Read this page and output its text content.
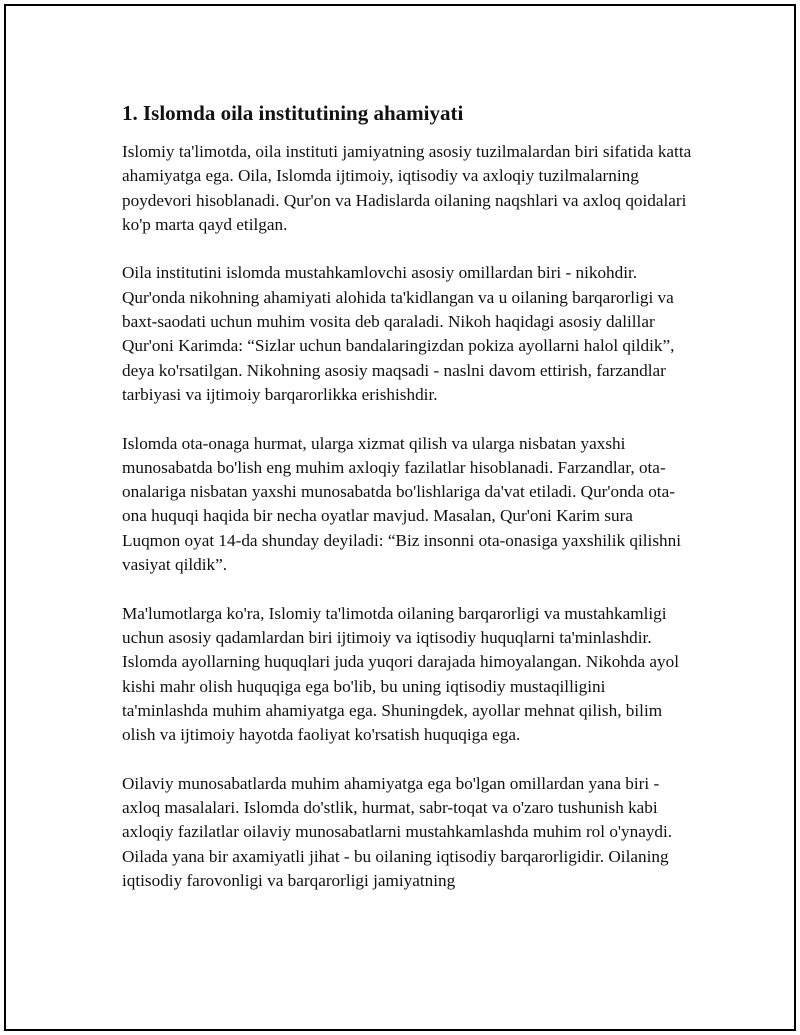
1. Islomda oila institutining ahamiyati

Islomiy ta'limotda, oila instituti jamiyatning asosiy tuzilmalardan biri sifatida katta ahamiyatga ega. Oila, Islomda ijtimoiy, iqtisodiy va axloqiy tuzilmalarning poydevori hisoblanadi. Qur'on va Hadislarda oilaning naqshlari va axloq qoidalari ko'p marta qayd etilgan.

Oila institutini islomda mustahkamlovchi asosiy omillardan biri - nikohdir. Qur'onda nikohning ahamiyati alohida ta'kidlangan va u oilaning barqarorligi va baxt-saodati uchun muhim vosita deb qaraladi. Nikoh haqidagi asosiy dalillar Qur'oni Karimda: “Sizlar uchun bandalaringizdan pokiza ayollarni halol qildik”, deya ko'rsatilgan. Nikohning asosiy maqsadi - naslni davom ettirish, farzandlar tarbiyasi va ijtimoiy barqarorlikka erishishdir.

Islomda ota-onaga hurmat, ularga xizmat qilish va ularga nisbatan yaxshi munosabatda bo'lish eng muhim axloqiy fazilatlar hisoblanadi. Farzandlar, ota-onalariga nisbatan yaxshi munosabatda bo'lishlariga da'vat etiladi. Qur'onda ota-ona huquqi haqida bir necha oyatlar mavjud. Masalan, Qur'oni Karim sura Luqmon oyat 14-da shunday deyiladi: “Biz insonni ota-onasiga yaxshilik qilishni vasiyat qildik”.

Ma'lumotlarga ko'ra, Islomiy ta'limotda oilaning barqarorligi va mustahkamligi uchun asosiy qadamlardan biri ijtimoiy va iqtisodiy huquqlarni ta'minlashdir. Islomda ayollarning huquqlari juda yuqori darajada himoyalangan. Nikohda ayol kishi mahr olish huquqiga ega bo'lib, bu uning iqtisodiy mustaqilligini ta'minlashda muhim ahamiyatga ega. Shuningdek, ayollar mehnat qilish, bilim olish va ijtimoiy hayotda faoliyat ko'rsatish huquqiga ega.

Oilaviy munosabatlarda muhim ahamiyatga ega bo'lgan omillardan yana biri - axloq masalalari. Islomda do'stlik, hurmat, sabr-toqat va o'zaro tushunish kabi axloqiy fazilatlar oilaviy munosabatlarni mustahkamlashda muhim rol o'ynaydi. Oilada yana bir axamiyatli jihat - bu oilaning iqtisodiy barqarorligidir. Oilaning iqtisodiy farovonligi va barqarorligi jamiyatning
